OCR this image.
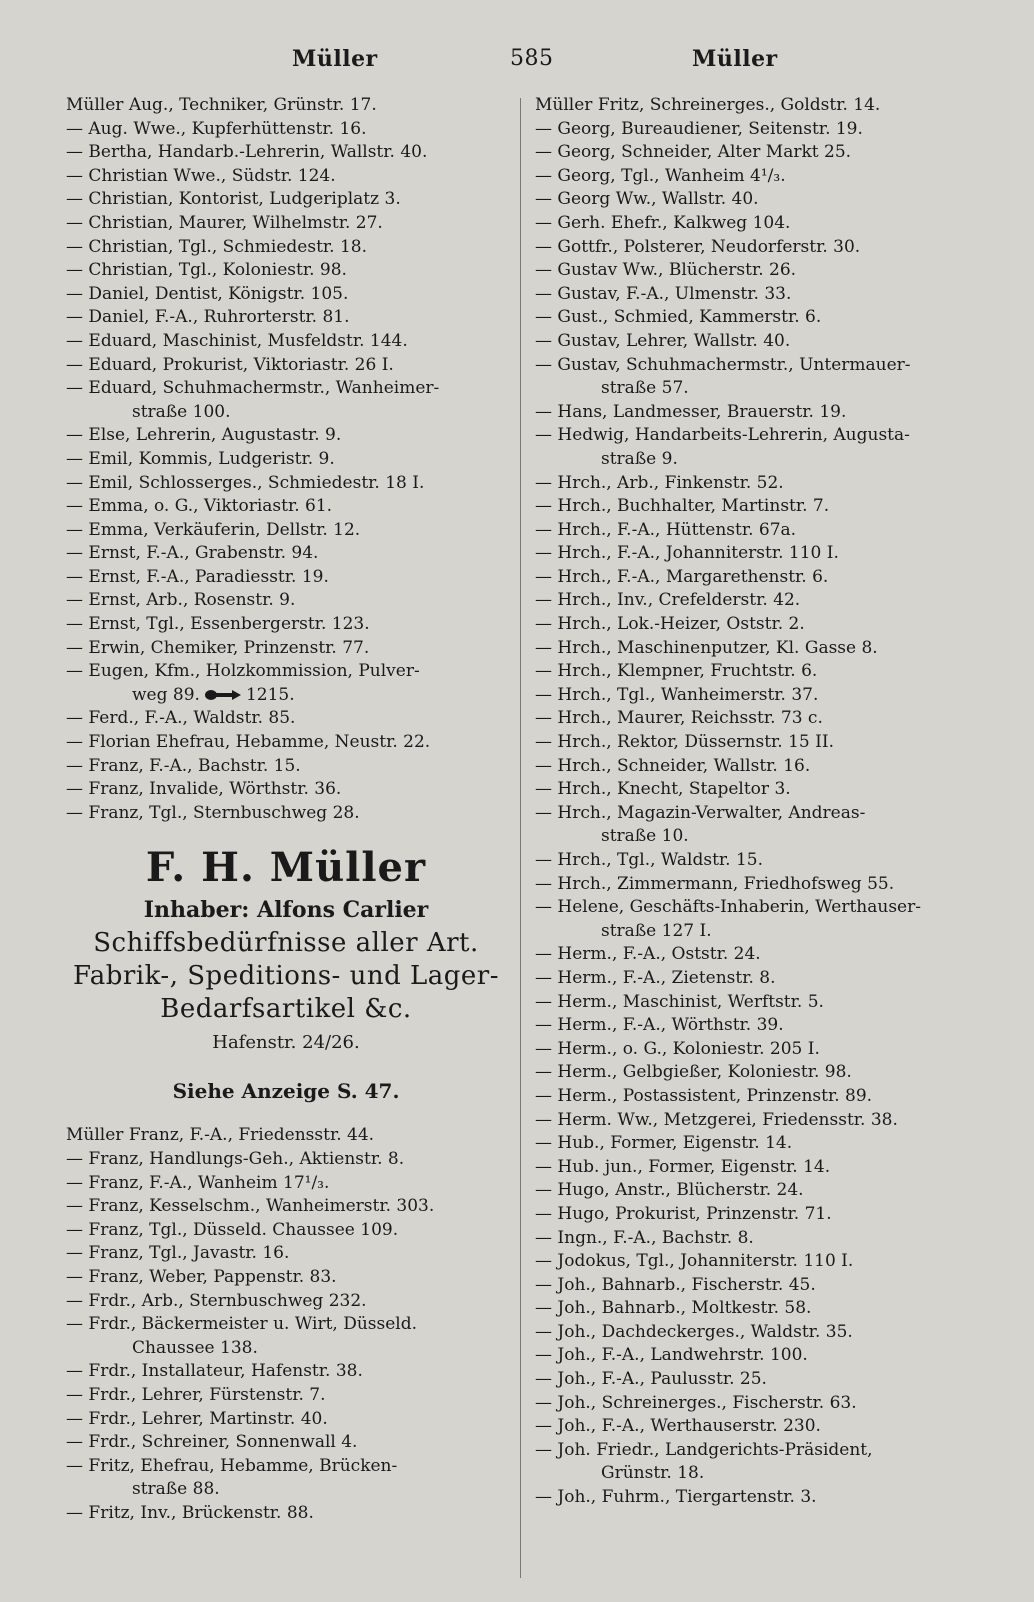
Müller	585	Müller
Müller Aug., Techniker, Grünstr. 17.
— Aug. Wwe., Kupferhüttenstr. 16.
— Bertha, Handarb.-Lehrerin, Wallstr. 40.
— Christian Wwe., Südstr. 124.
— Christian, Kontorist, Ludgeriplatz 3.
— Christian, Maurer, Wilhelmstr. 27.
— Christian, Tgl., Schmiedestr. 18.
— Christian, Tgl., Koloniestr. 98.
— Daniel, Dentist, Königstr. 105.
— Daniel, F.-A., Ruhrorterstr. 81.
— Eduard, Maschinist, Musfeldstr. 144.
— Eduard, Prokurist, Viktoriastr. 26 I.
— Eduard, Schuhmachermstr., Wanheimer-
straße 100.
— Else, Lehrerin, Augustastr. 9.
— Emil, Kommis, Ludgeristr. 9.
— Emil, Schlosserges., Schmiedestr. 18 I.
— Emma, o. G., Viktoriastr. 61.
— Emma, Verkäuferin, Dellstr. 12.
— Ernst, F.-A., Grabenstr. 94.
— Ernst, F.-A., Paradiesstr. 19.
— Ernst, Arb., Rosenstr. 9.
— Ernst, Tgl., Essenbergerstr. 123.
— Erwin, Chemiker, Prinzenstr. 77.
— Eugen, Kfm., Holzkommission, Pulver-
weg 89.	1215.
— Ferd., F.-A., Waldstr. 85.
— Florian Ehefrau, Hebamme, Neustr. 22.
— Franz, F.-A., Bachstr. 15.
— Franz, Invalide, Wörthstr. 36.
— Franz, Tgl., Sternbuschweg 28.
F. H. Müller
Inhaber: Alfons Carlier
Schiffsbedürfnisse aller Art.
Fabrik-, Speditions- und Lager-
Bedarfsartikel &c.
Hafenstr. 24/26.
Siehe Anzeige S. 47.
Müller Franz, F.-A., Friedensstr. 44.
— Franz, Handlungs-Geh., Aktienstr. 8.
— Franz, F.-A., Wanheim 17¹/₃.
— Franz, Kesselschm., Wanheimerstr. 303.
— Franz, Tgl., Düsseld. Chaussee 109.
— Franz, Tgl., Javastr. 16.
— Franz, Weber, Pappenstr. 83.
— Frdr., Arb., Sternbuschweg 232.
— Frdr., Bäckermeister u. Wirt, Düsseld.
Chaussee 138.
— Frdr., Installateur, Hafenstr. 38.
— Frdr., Lehrer, Fürstenstr. 7.
— Frdr., Lehrer, Martinstr. 40.
— Frdr., Schreiner, Sonnenwall 4.
— Fritz, Ehefrau, Hebamme, Brücken-
straße 88.
— Fritz, Inv., Brückenstr. 88.
Müller Fritz, Schreinerges., Goldstr. 14.
— Georg, Bureaudiener, Seitenstr. 19.
— Georg, Schneider, Alter Markt 25.
— Georg, Tgl., Wanheim 4¹/₃.
— Georg Ww., Wallstr. 40.
— Gerh. Ehefr., Kalkweg 104.
— Gottfr., Polsterer, Neudorferstr. 30.
— Gustav Ww., Blücherstr. 26.
— Gustav, F.-A., Ulmenstr. 33.
— Gust., Schmied, Kammerstr. 6.
— Gustav, Lehrer, Wallstr. 40.
— Gustav, Schuhmachermstr., Untermauer-
straße 57.
— Hans, Landmesser, Brauerstr. 19.
— Hedwig, Handarbeits-Lehrerin, Augusta-
straße 9.
— Hrch., Arb., Finkenstr. 52.
— Hrch., Buchhalter, Martinstr. 7.
— Hrch., F.-A., Hüttenstr. 67a.
— Hrch., F.-A., Johanniterstr. 110 I.
— Hrch., F.-A., Margarethenstr. 6.
— Hrch., Inv., Crefelderstr. 42.
— Hrch., Lok.-Heizer, Oststr. 2.
— Hrch., Maschinenputzer, Kl. Gasse 8.
— Hrch., Klempner, Fruchtstr. 6.
— Hrch., Tgl., Wanheimerstr. 37.
— Hrch., Maurer, Reichsstr. 73 c.
— Hrch., Rektor, Düssernstr. 15 II.
— Hrch., Schneider, Wallstr. 16.
— Hrch., Knecht, Stapeltor 3.
— Hrch., Magazin-Verwalter, Andreas-
straße 10.
— Hrch., Tgl., Waldstr. 15.
— Hrch., Zimmermann, Friedhofsweg 55.
— Helene, Geschäfts-Inhaberin, Werthauser-
straße 127 I.
— Herm., F.-A., Oststr. 24.
— Herm., F.-A., Zietenstr. 8.
— Herm., Maschinist, Werftstr. 5.
— Herm., F.-A., Wörthstr. 39.
— Herm., o. G., Koloniestr. 205 I.
— Herm., Gelbgießer, Koloniestr. 98.
— Herm., Postassistent, Prinzenstr. 89.
— Herm. Ww., Metzgerei, Friedensstr. 38.
— Hub., Former, Eigenstr. 14.
— Hub. jun., Former, Eigenstr. 14.
— Hugo, Anstr., Blücherstr. 24.
— Hugo, Prokurist, Prinzenstr. 71.
— Ingn., F.-A., Bachstr. 8.
— Jodokus, Tgl., Johanniterstr. 110 I.
— Joh., Bahnarb., Fischerstr. 45.
— Joh., Bahnarb., Moltkestr. 58.
— Joh., Dachdeckerges., Waldstr. 35.
— Joh., F.-A., Landwehrstr. 100.
— Joh., F.-A., Paulusstr. 25.
— Joh., Schreinerges., Fischerstr. 63.
— Joh., F.-A., Werthauserstr. 230.
— Joh. Friedr., Landgerichts-Präsident,
Grünstr. 18.
— Joh., Fuhrm., Tiergartenstr. 3.
